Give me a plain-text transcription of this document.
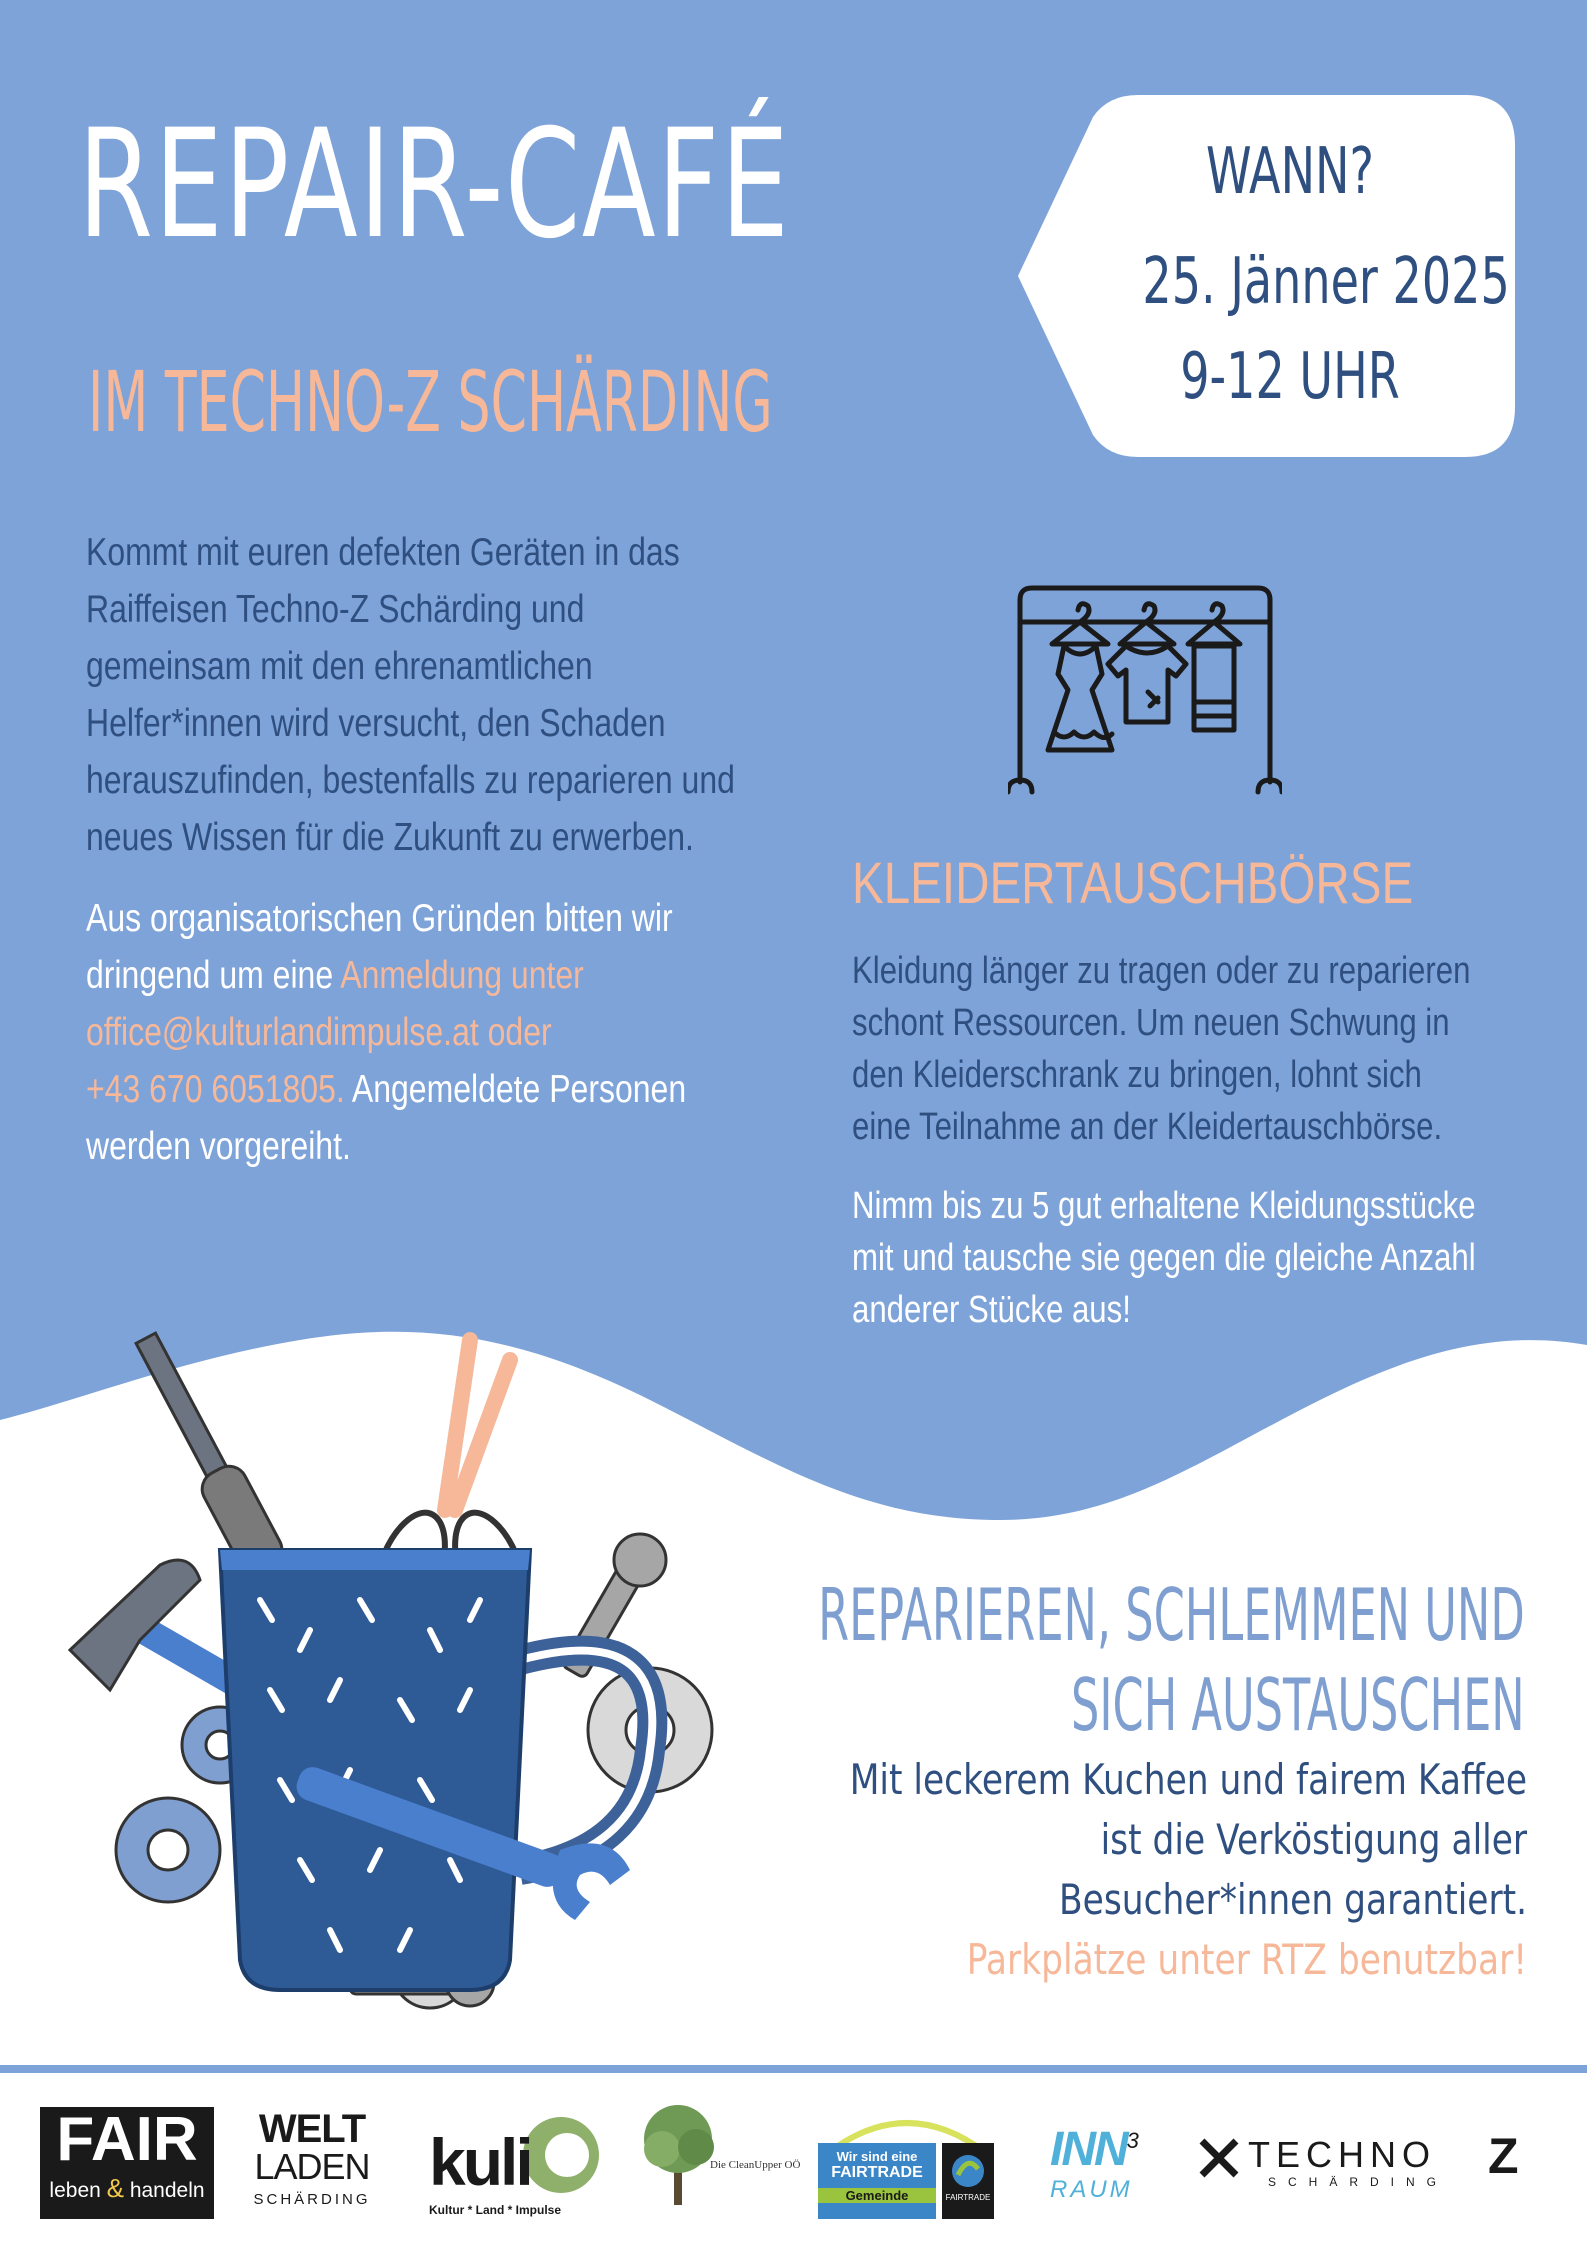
REPAIR-CAFÉ
IM TECHNO-Z SCHÄRDING
WANN?
25. Jänner 2025
9-12 UHR
Kommt mit euren defekten Geräten in das
Raiffeisen Techno-Z Schärding und
gemeinsam mit den ehrenamtlichen
Helfer*innen wird versucht, den Schaden
herauszufinden, bestenfalls zu reparieren und
neues Wissen für die Zukunft zu erwerben.
Aus organisatorischen Gründen bitten wir
dringend um eine Anmeldung unter
office@kulturlandimpulse.at oder
+43 670 6051805. Angemeldete Personen
werden vorgereiht.
KLEIDERTAUSCHBÖRSE
Kleidung länger zu tragen oder zu reparieren
schont Ressourcen. Um neuen Schwung in
den Kleiderschrank zu bringen, lohnt sich
eine Teilnahme an der Kleidertauschbörse.
Nimm bis zu 5 gut erhaltene Kleidungsstücke
mit und tausche sie gegen die gleiche Anzahl
anderer Stücke aus!
REPARIEREN, SCHLEMMEN UND
SICH AUSTAUSCHEN
Mit leckerem Kuchen und fairem Kaffee
ist die Verköstigung aller
Besucher*innen garantiert.
Parkplätze unter RTZ benutzbar!
FAIR
leben & handeln
WELT
LADEN
SCHÄRDING
kuli
Kultur * Land * Impulse
Die CleanUpper OÖ
Wir sind eine
FAIRTRADE
Gemeinde	FAIRTRADE
INN$^3$
RAUM
TECHNO Z
SCHÄRDING
